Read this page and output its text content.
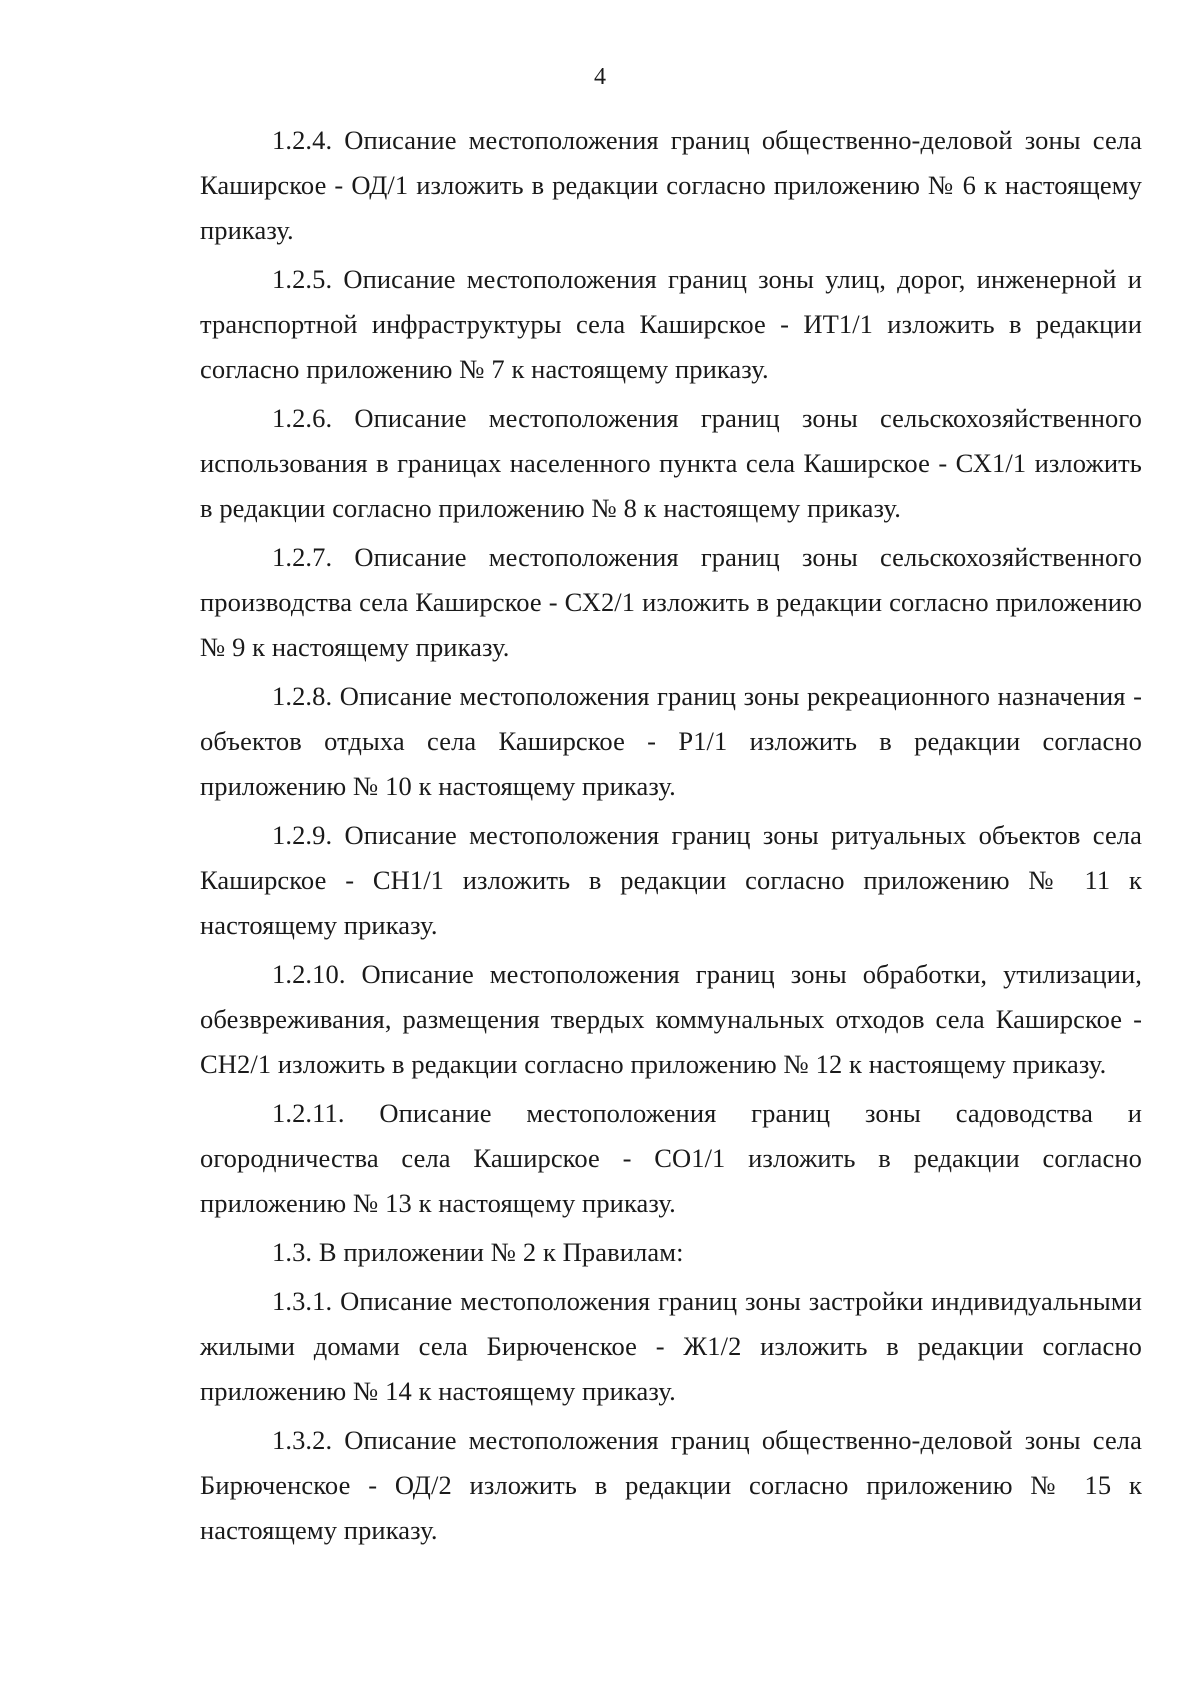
4

1.2.4. Описание местоположения границ общественно-деловой зоны села Каширское - ОД/1 изложить в редакции согласно приложению № 6 к настоящему приказу.

1.2.5. Описание местоположения границ зоны улиц, дорог, инженерной и транспортной инфраструктуры села Каширское - ИТ1/1 изложить в редакции согласно приложению № 7 к настоящему приказу.

1.2.6. Описание местоположения границ зоны сельскохозяйственного использования в границах населенного пункта села Каширское - СХ1/1 изложить в редакции согласно приложению № 8 к настоящему приказу.

1.2.7. Описание местоположения границ зоны сельскохозяйственного производства села Каширское - СХ2/1 изложить в редакции согласно приложению № 9 к настоящему приказу.

1.2.8. Описание местоположения границ зоны рекреационного назначения - объектов отдыха села Каширское - Р1/1 изложить в редакции согласно приложению № 10 к настоящему приказу.

1.2.9. Описание местоположения границ зоны ритуальных объектов села Каширское - СН1/1 изложить в редакции согласно приложению № 11 к настоящему приказу.

1.2.10. Описание местоположения границ зоны обработки, утилизации, обезвреживания, размещения твердых коммунальных отходов села Каширское - СН2/1 изложить в редакции согласно приложению № 12 к настоящему приказу.

1.2.11. Описание местоположения границ зоны садоводства и огородничества села Каширское - СО1/1 изложить в редакции согласно приложению № 13 к настоящему приказу.

1.3. В приложении № 2 к Правилам:

1.3.1. Описание местоположения границ зоны застройки индивидуальными жилыми домами села Бирюченское - Ж1/2 изложить в редакции согласно приложению № 14 к настоящему приказу.

1.3.2. Описание местоположения границ общественно-деловой зоны села Бирюченское - ОД/2 изложить в редакции согласно приложению № 15 к настоящему приказу.
